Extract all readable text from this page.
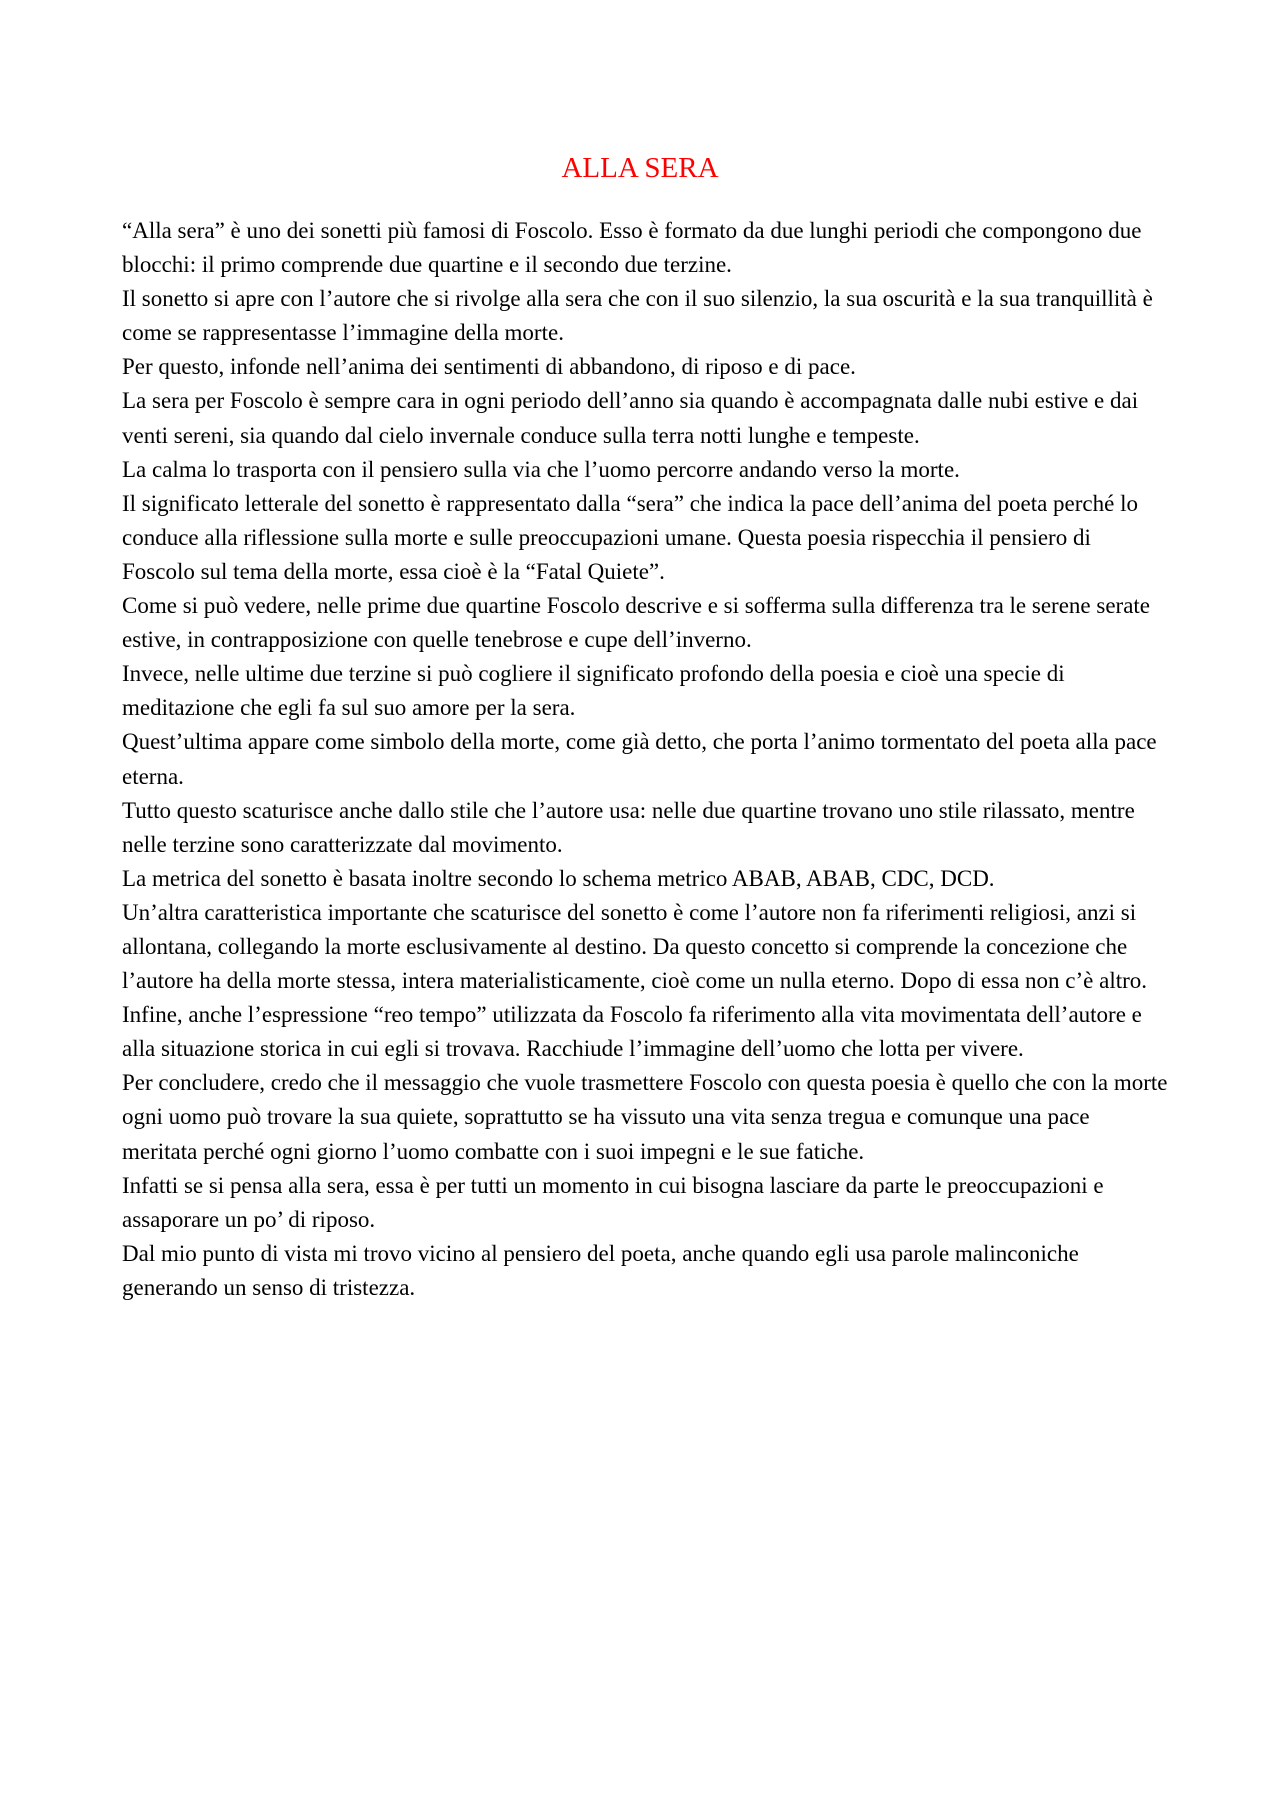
ALLA SERA

“Alla sera” è uno dei sonetti più famosi di Foscolo. Esso è formato da due lunghi periodi che compongono due blocchi: il primo comprende due quartine e il secondo due terzine.

Il sonetto si apre con l’autore che si rivolge alla sera che con il suo silenzio, la sua oscurità e la sua tranquillità è come se rappresentasse l’immagine della morte.

Per questo, infonde nell’anima dei sentimenti di abbandono, di riposo e di pace.

La sera per Foscolo è sempre cara in ogni periodo dell’anno sia quando è accompagnata dalle nubi estive e dai venti sereni, sia quando dal cielo invernale conduce sulla terra notti lunghe e tempeste.

La calma lo trasporta con il pensiero sulla via che l’uomo percorre andando verso la morte.

Il significato letterale del sonetto è rappresentato dalla “sera” che indica la pace dell’anima del poeta perché lo conduce alla riflessione sulla morte e sulle preoccupazioni umane. Questa poesia rispecchia il pensiero di Foscolo sul tema della morte, essa cioè è la “Fatal Quiete”.

Come si può vedere, nelle prime due quartine Foscolo descrive e si sofferma sulla differenza tra le serene serate estive, in contrapposizione con quelle tenebrose e cupe dell’inverno.

Invece, nelle ultime due terzine si può cogliere il significato profondo della poesia e cioè una specie di meditazione che egli fa sul suo amore per la sera.

Quest’ultima appare come simbolo della morte, come già detto, che porta l’animo tormentato del poeta alla pace eterna.

Tutto questo scaturisce anche dallo stile che l’autore usa: nelle due quartine trovano uno stile rilassato, mentre nelle terzine sono caratterizzate dal movimento.

La metrica del sonetto è basata inoltre secondo lo schema metrico ABAB, ABAB, CDC, DCD.

Un’altra caratteristica importante che scaturisce del sonetto è come l’autore non fa riferimenti religiosi, anzi si allontana, collegando la morte esclusivamente al destino. Da questo concetto si comprende la concezione che l’autore ha della morte stessa, intera materialisticamente, cioè come un nulla eterno. Dopo di essa non c’è altro.

Infine, anche l’espressione “reo tempo” utilizzata da Foscolo fa riferimento alla vita movimentata dell’autore e alla situazione storica in cui egli si trovava. Racchiude l’immagine dell’uomo che lotta per vivere.

Per concludere, credo che il messaggio che vuole trasmettere Foscolo con questa poesia è quello che con la morte ogni uomo può trovare la sua quiete, soprattutto se ha vissuto una vita senza tregua e comunque una pace meritata perché ogni giorno l’uomo combatte con i suoi impegni e le sue fatiche.

Infatti se si pensa alla sera, essa è per tutti un momento in cui bisogna lasciare da parte le preoccupazioni e assaporare un po’ di riposo.

Dal mio punto di vista mi trovo vicino al pensiero del poeta, anche quando egli usa parole malinconiche generando un senso di tristezza.
